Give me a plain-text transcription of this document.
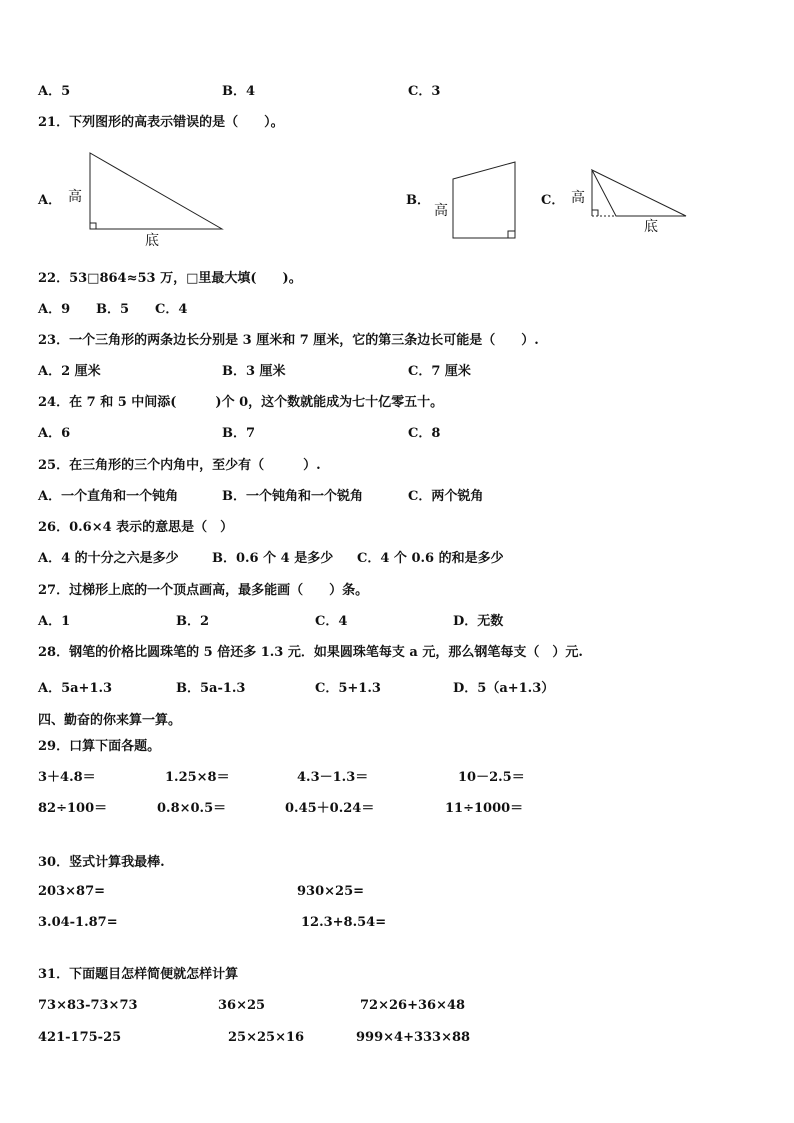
A．5	B．4	C．3
21．下列图形的高表示错误的是（　　）。
A． 高
底
B．
高
C． 高
底
22．53□864≈53 万，□里最大填(　　)。
A．9 B．5 C．4
23．一个三角形的两条边长分别是 3 厘米和 7 厘米，它的第三条边长可能是（　　）.
A．2 厘米	B．3 厘米	C．7 厘米
24．在 7 和 5 中间添(　　　)个 0，这个数就能成为七十亿零五十。
A．6	B．7	C．8
25．在三角形的三个内角中，至少有（　　　）.
A．一个直角和一个钝角	B．一个钝角和一个锐角	C．两个锐角
26．0.6×4 表示的意思是（　）
A．4 的十分之六是多少	B．0.6 个 4 是多少 C．4 个 0.6 的和是多少
27．过梯形上底的一个顶点画高，最多能画（　　）条。
A．1	B．2	C．4	D．无数
28．钢笔的价格比圆珠笔的 5 倍还多 1.3 元．如果圆珠笔每支 a 元，那么钢笔每支（　）元.
A．5a+1.3	B．5a-1.3	C．5+1.3	D．5（a+1.3）
四、勤奋的你来算一算。
29．口算下面各题。
3＋4.8＝	1.25×8＝	4.3－1.3＝	10－2.5＝
82÷100＝	0.8×0.5＝	0.45＋0.24＝	11÷1000＝
30．竖式计算我最棒.
203×87=	930×25=
3.04-1.87=	12.3+8.54=
31．下面题目怎样简便就怎样计算
73×83-73×73	36×25	72×26+36×48
421-175-25	25×25×16	999×4+333×88
